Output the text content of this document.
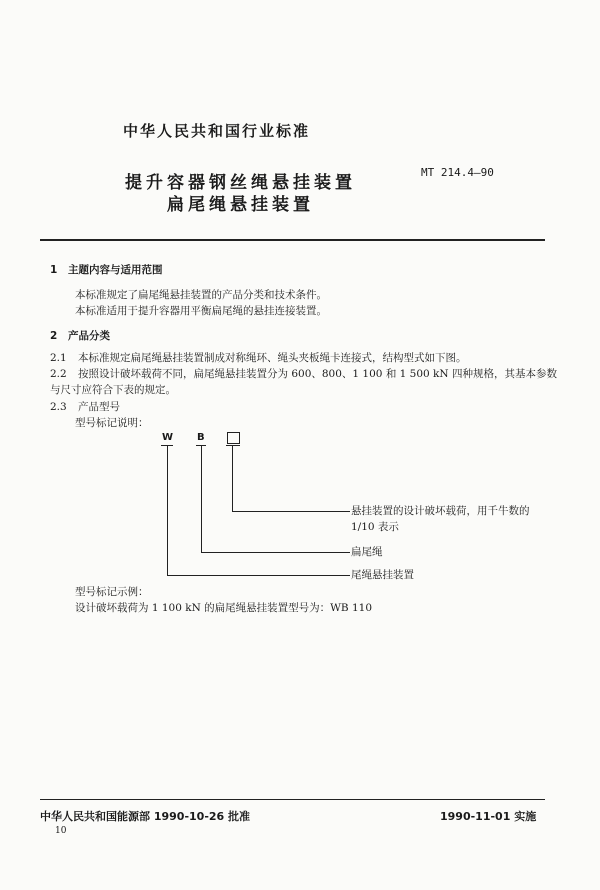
中华人民共和国行业标准
提升容器钢丝绳悬挂装置
扁尾绳悬挂装置
MT 214.4—90
1 主题内容与适用范围
本标准规定了扁尾绳悬挂装置的产品分类和技术条件。
本标准适用于提升容器用平衡扁尾绳的悬挂连接装置。
2 产品分类
2.1 本标准规定扁尾绳悬挂装置制成对称绳环、绳头夹板绳卡连接式，结构型式如下图。
2.2 按照设计破坏载荷不同，扁尾绳悬挂装置分为 600、800、1 100 和 1 500 kN 四种规格，其基本参数
与尺寸应符合下表的规定。
2.3 产品型号
型号标记说明：
W B
悬挂装置的设计破坏载荷，用千牛数的
1/10 表示
扁尾绳
尾绳悬挂装置
型号标记示例：
设计破坏载荷为 1 100 kN 的扁尾绳悬挂装置型号为：WB 110
中华人民共和国能源部 1990-10-26 批准	1990-11-01 实施
10
